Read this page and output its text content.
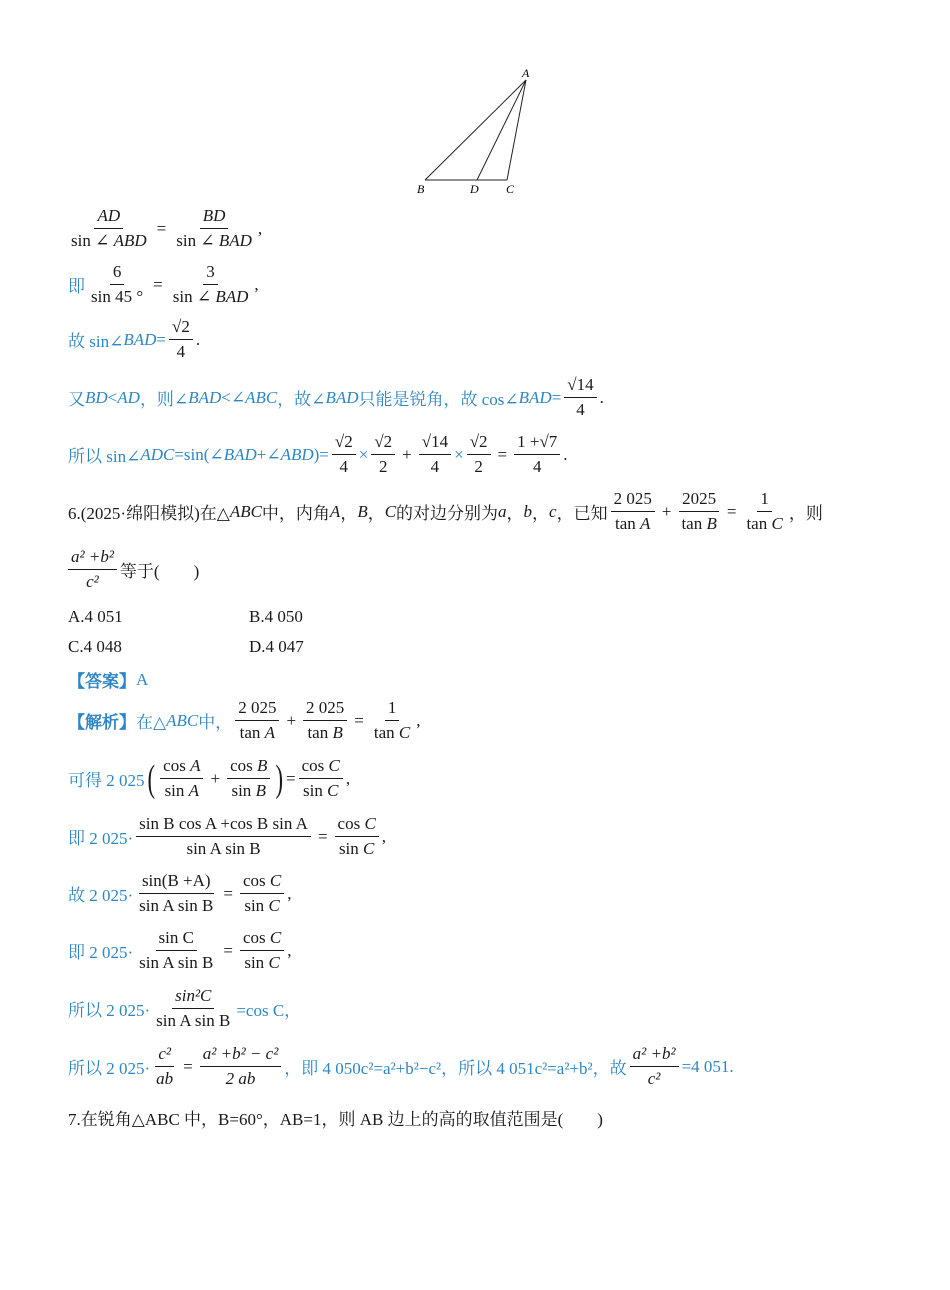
A
B	D C
$\frac{AD}{\text{sin ∠ ABD}} = \frac{BD}{\text{sin ∠ BAD}}$ ,
即 $\frac{6}{\sin 45 ^\circ} = \frac{3}{\text{sin ∠ BAD}}$ ,
故 sin∠ BAD = $\frac{√2}{4}$ .
又 BD < AD ，则∠ BAD <∠ ABC ，故∠ BAD 只能是锐角，故 cos∠ BAD = $\frac{√14}{4}$ .
所以 sin∠ ADC =sin(∠ BAD +∠ ABD )= $\frac{√2}{4} \times \frac{√2}{2} + \frac{√14}{4} \times \frac{√2}{2} = \frac{1 +√7}{4}$ .
6.(2025·绵阳模拟)在△ ABC 中，内角 A ， B ， C 的对边分别为 a ， b ， c ，已知 $\frac{2 025}{\text{tan A}} + \frac{2025}{\text{tan B}} = \frac{1}{\text{tan C}}$ ，则
$\frac{\text{a² +b²}}{\text{c²}}$ 等于(　　)
A.4 051	B.4 050
C.4 048	D.4 047
【答案】 A
【解析】 在△ ABC 中， $\frac{2 025}{\text{tan A}} + \frac{2 025}{\text{tan B}} = \frac{1}{\text{tan C}}$ ,
可得 2 025 ( $\frac{\text{cos A}}{\text{sin A}} + \frac{\text{cos B}}{\text{sin B}}$ ) = $\frac{\text{cos C}}{\text{sin C}}$ ,
即 2 $025\cdot \frac{\text{sin B cos A +cos B sin A}}{\text{sin A sin B}} = \frac{\text{cos C}}{\text{sin C}}$ ,
故 2 $025\cdot \frac{\sin(B +A)}{\text{sin A sin B}} = \frac{\text{cos C}}{\text{sin C}}$ ,
即 2 $025\cdot \frac{\text{sin C}}{\text{sin A sin B}} = \frac{\text{cos C}}{\text{sin C}}$ ,
所以 2 $025\cdot \frac{\text{sin²C}}{\text{sin A sin B}} =\cos$ C，
所以 2 $025\cdot \frac{\text{c²}}{ab} = \frac{\text{a² +b² − c²}}{2 ab}$ ，即 4 050c²=a²+b²−c²，所以 4 051c²=a²+b²，故 $\frac{\text{a² +b²}}{\text{c²}} =4$ 051.
7.在锐角△ABC 中，B=60°，AB=1，则 AB 边上的高的取值范围是(　　)
